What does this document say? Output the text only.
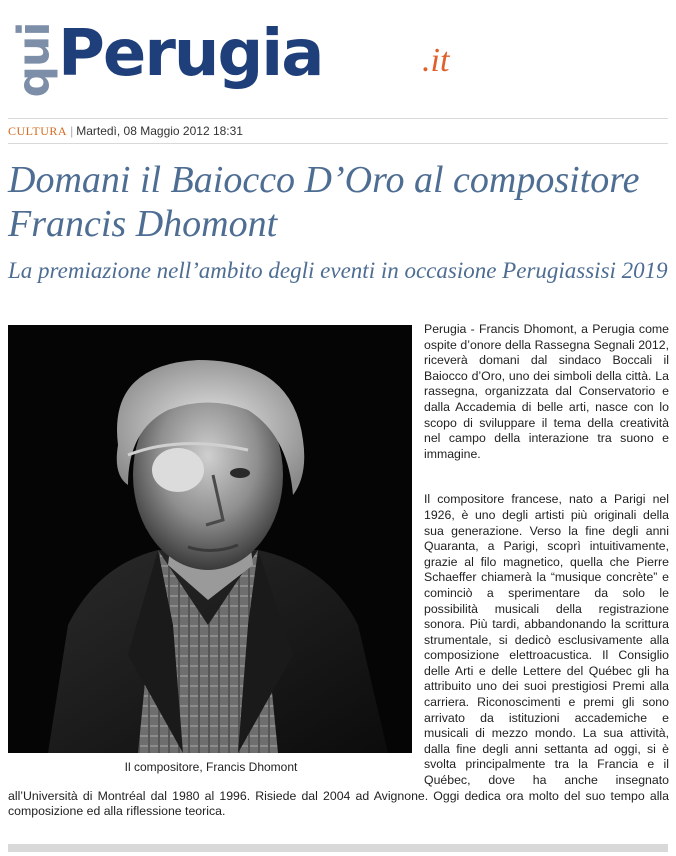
qui
Perugia	.it
CULTURA | Martedì, 08 Maggio 2012 18:31
Domani il Baiocco D’Oro al compositore Francis Dhomont
La premiazione nell’ambito degli eventi in occasione Perugiassisi 2019
Il compositore, Francis Dhomont

Perugia - Francis Dhomont, a Perugia come ospite d’onore della Rassegna Segnali 2012, riceverà domani dal sindaco Boccali il Baiocco d’Oro, uno dei simboli della città. La rassegna, organizzata dal Conservatorio e dalla Accademia di belle arti, nasce con lo scopo di sviluppare il tema della creatività nel campo della interazione tra suono e immagine.

Il compositore francese, nato a Parigi nel 1926, è uno degli artisti più originali della sua generazione. Verso la fine degli anni Quaranta, a Parigi, scoprì intuitivamente, grazie al filo magnetico, quella che Pierre Schaeffer chiamerà la “musique concrète” e cominciò a sperimentare da solo le possibilità musicali della registrazione sonora. Più tardi, abbandonando la scrittura strumentale, si dedicò esclusivamente alla composizione elettroacustica. Il Consiglio delle Arti e delle Lettere del Québec gli ha attribuito uno dei suoi prestigiosi Premi alla carriera. Riconoscimenti e premi gli sono arrivato da istituzioni accademiche e musicali di mezzo mondo. La sua attività, dalla fine degli anni settanta ad oggi, si è svolta principalmente tra la Francia e il Québec, dove ha anche insegnato all’Università di Montréal dal 1980 al 1996. Risiede dal 2004 ad Avignone. Oggi dedica ora molto del suo tempo alla composizione ed alla riflessione teorica.
